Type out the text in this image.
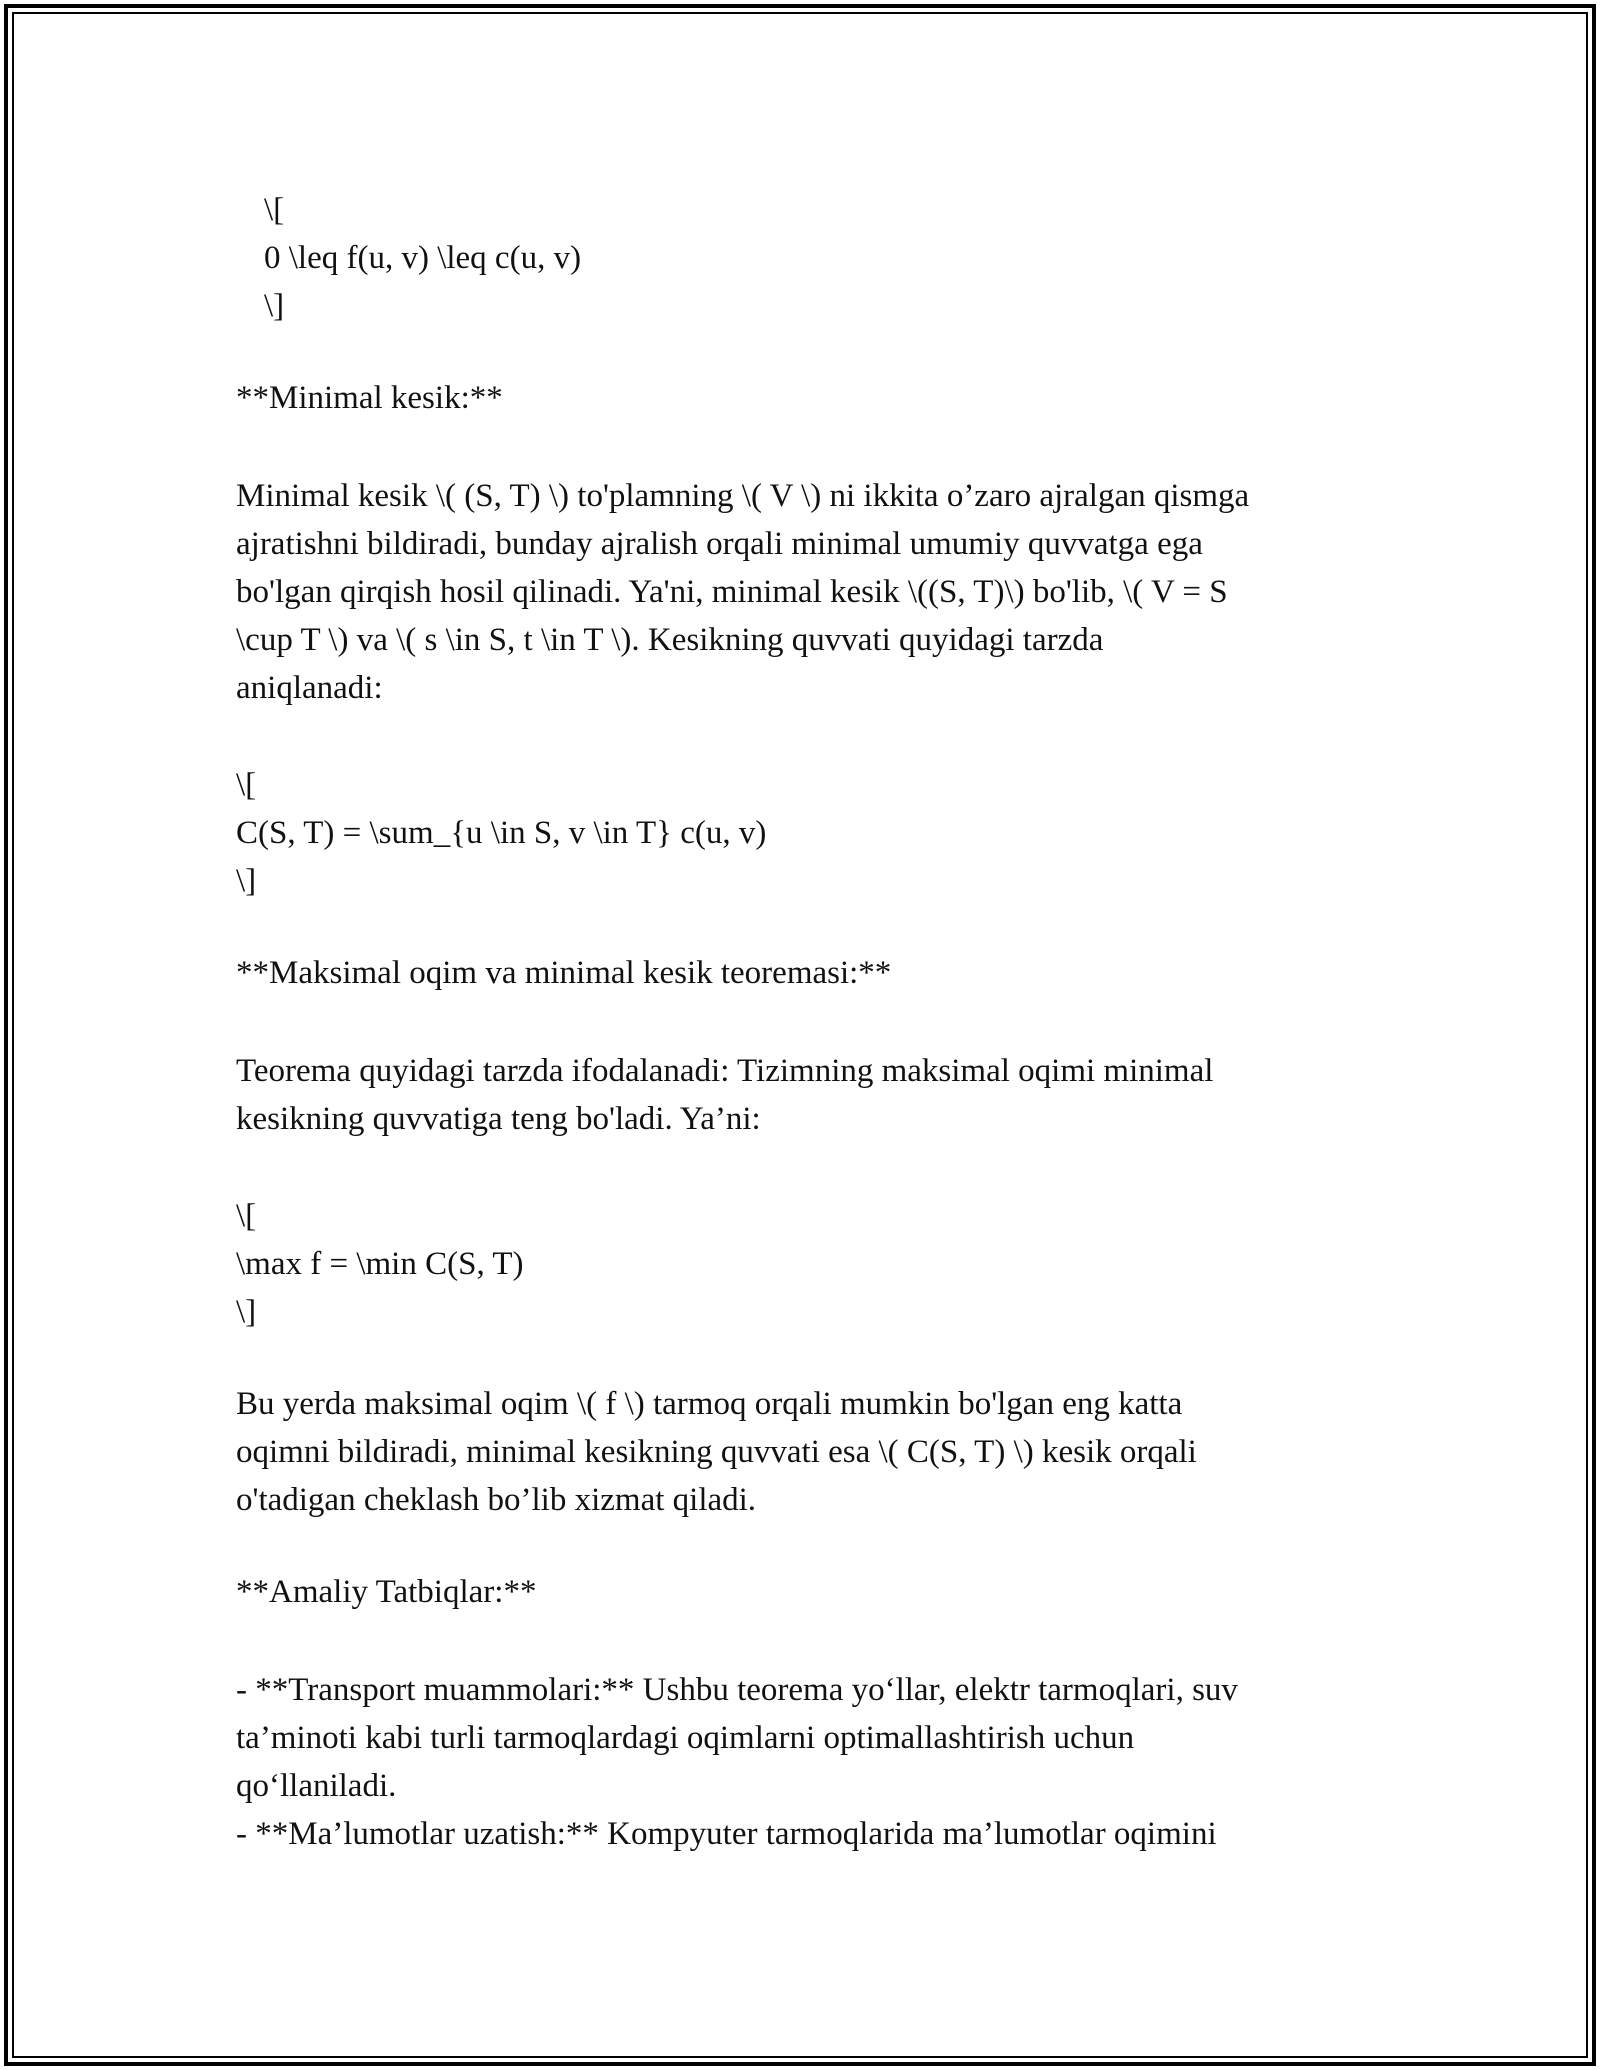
\[
0 \leq f(u, v) \leq c(u, v)
\]
**Minimal kesik:**
Minimal kesik \( (S, T) \) to'plamning \( V \) ni ikkita o’zaro ajralgan qismga
ajratishni bildiradi, bunday ajralish orqali minimal umumiy quvvatga ega
bo'lgan qirqish hosil qilinadi. Ya'ni, minimal kesik \((S, T)\) bo'lib, \( V = S
\cup T \) va \( s \in S, t \in T \). Kesikning quvvati quyidagi tarzda
aniqlanadi:
\[
C(S, T) = \sum_{u \in S, v \in T} c(u, v)
\]
**Maksimal oqim va minimal kesik teoremasi:**
Teorema quyidagi tarzda ifodalanadi: Tizimning maksimal oqimi minimal
kesikning quvvatiga teng bo'ladi. Ya’ni:
\[
\max f = \min C(S, T)
\]
Bu yerda maksimal oqim \( f \) tarmoq orqali mumkin bo'lgan eng katta
oqimni bildiradi, minimal kesikning quvvati esa \( C(S, T) \) kesik orqali
o'tadigan cheklash bo’lib xizmat qiladi.
**Amaliy Tatbiqlar:**
- **Transport muammolari:** Ushbu teorema yo‘llar, elektr tarmoqlari, suv
ta’minoti kabi turli tarmoqlardagi oqimlarni optimallashtirish uchun
qo‘llaniladi.
- **Ma’lumotlar uzatish:** Kompyuter tarmoqlarida ma’lumotlar oqimini
